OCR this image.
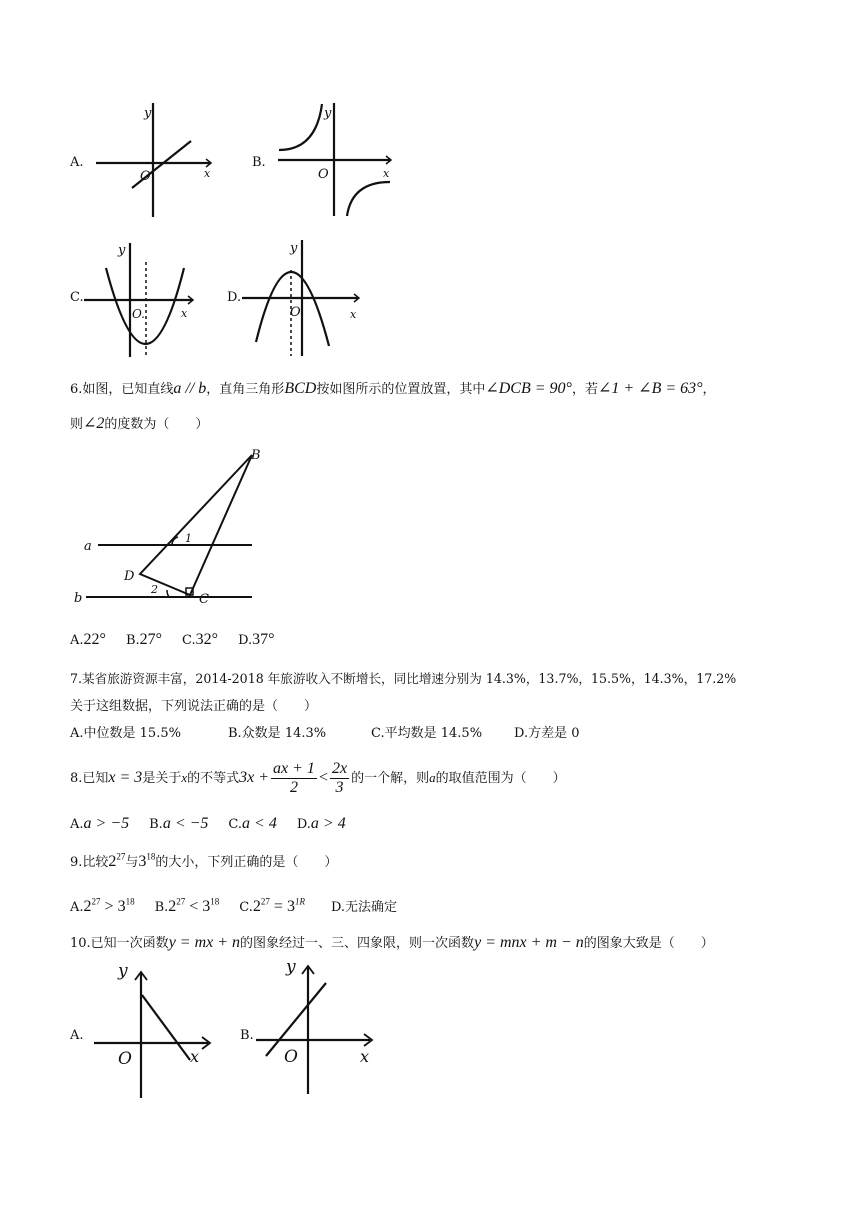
A.
y
O	x
B.
y
O	x
C.
y
O.	x
D.
y
O	x
6.如图，已知直线a // b，直角三角形BCD按如图所示的位置放置，其中∠DCB = 90°，若∠1 + ∠B = 63°，
则∠2的度数为（　　）
B
a
1
D
b
2
C
A.22° B.27° C.32° D.37°
7.某省旅游资源丰富，2014-2018 年旅游收入不断增长，同比增速分别为 14.3%，13.7%，15.5%，14.3%，17.2%
关于这组数据，下列说法正确的是（　　）
A.中位数是 15.5%	B.众数是 14.3%	C.平均数是 14.5% D.方差是 0
8.已知x = 3是关于x的不等式$3x + \frac{ax + 1}{2} < \frac{2x}{3}$ 的一个解，则a的取值范围为（　　）
A.a > −5 B.a < −5 C.a < 4 D.a > 4
9.比较$2^{27}$与$3^{18}$的大小，下列正确的是（　　）
$A.2^{27} > 3^{18}$ $B.2^{27} < 3^{18}$ $C.2^{27} = 3^{1R}$ D.无法确定
10.已知一次函数y = mx + n的图象经过一、三、四象限，则一次函数y = mnx + m − n的图象大致是（　　）
A.
y
O	x
B.
y
O	x
